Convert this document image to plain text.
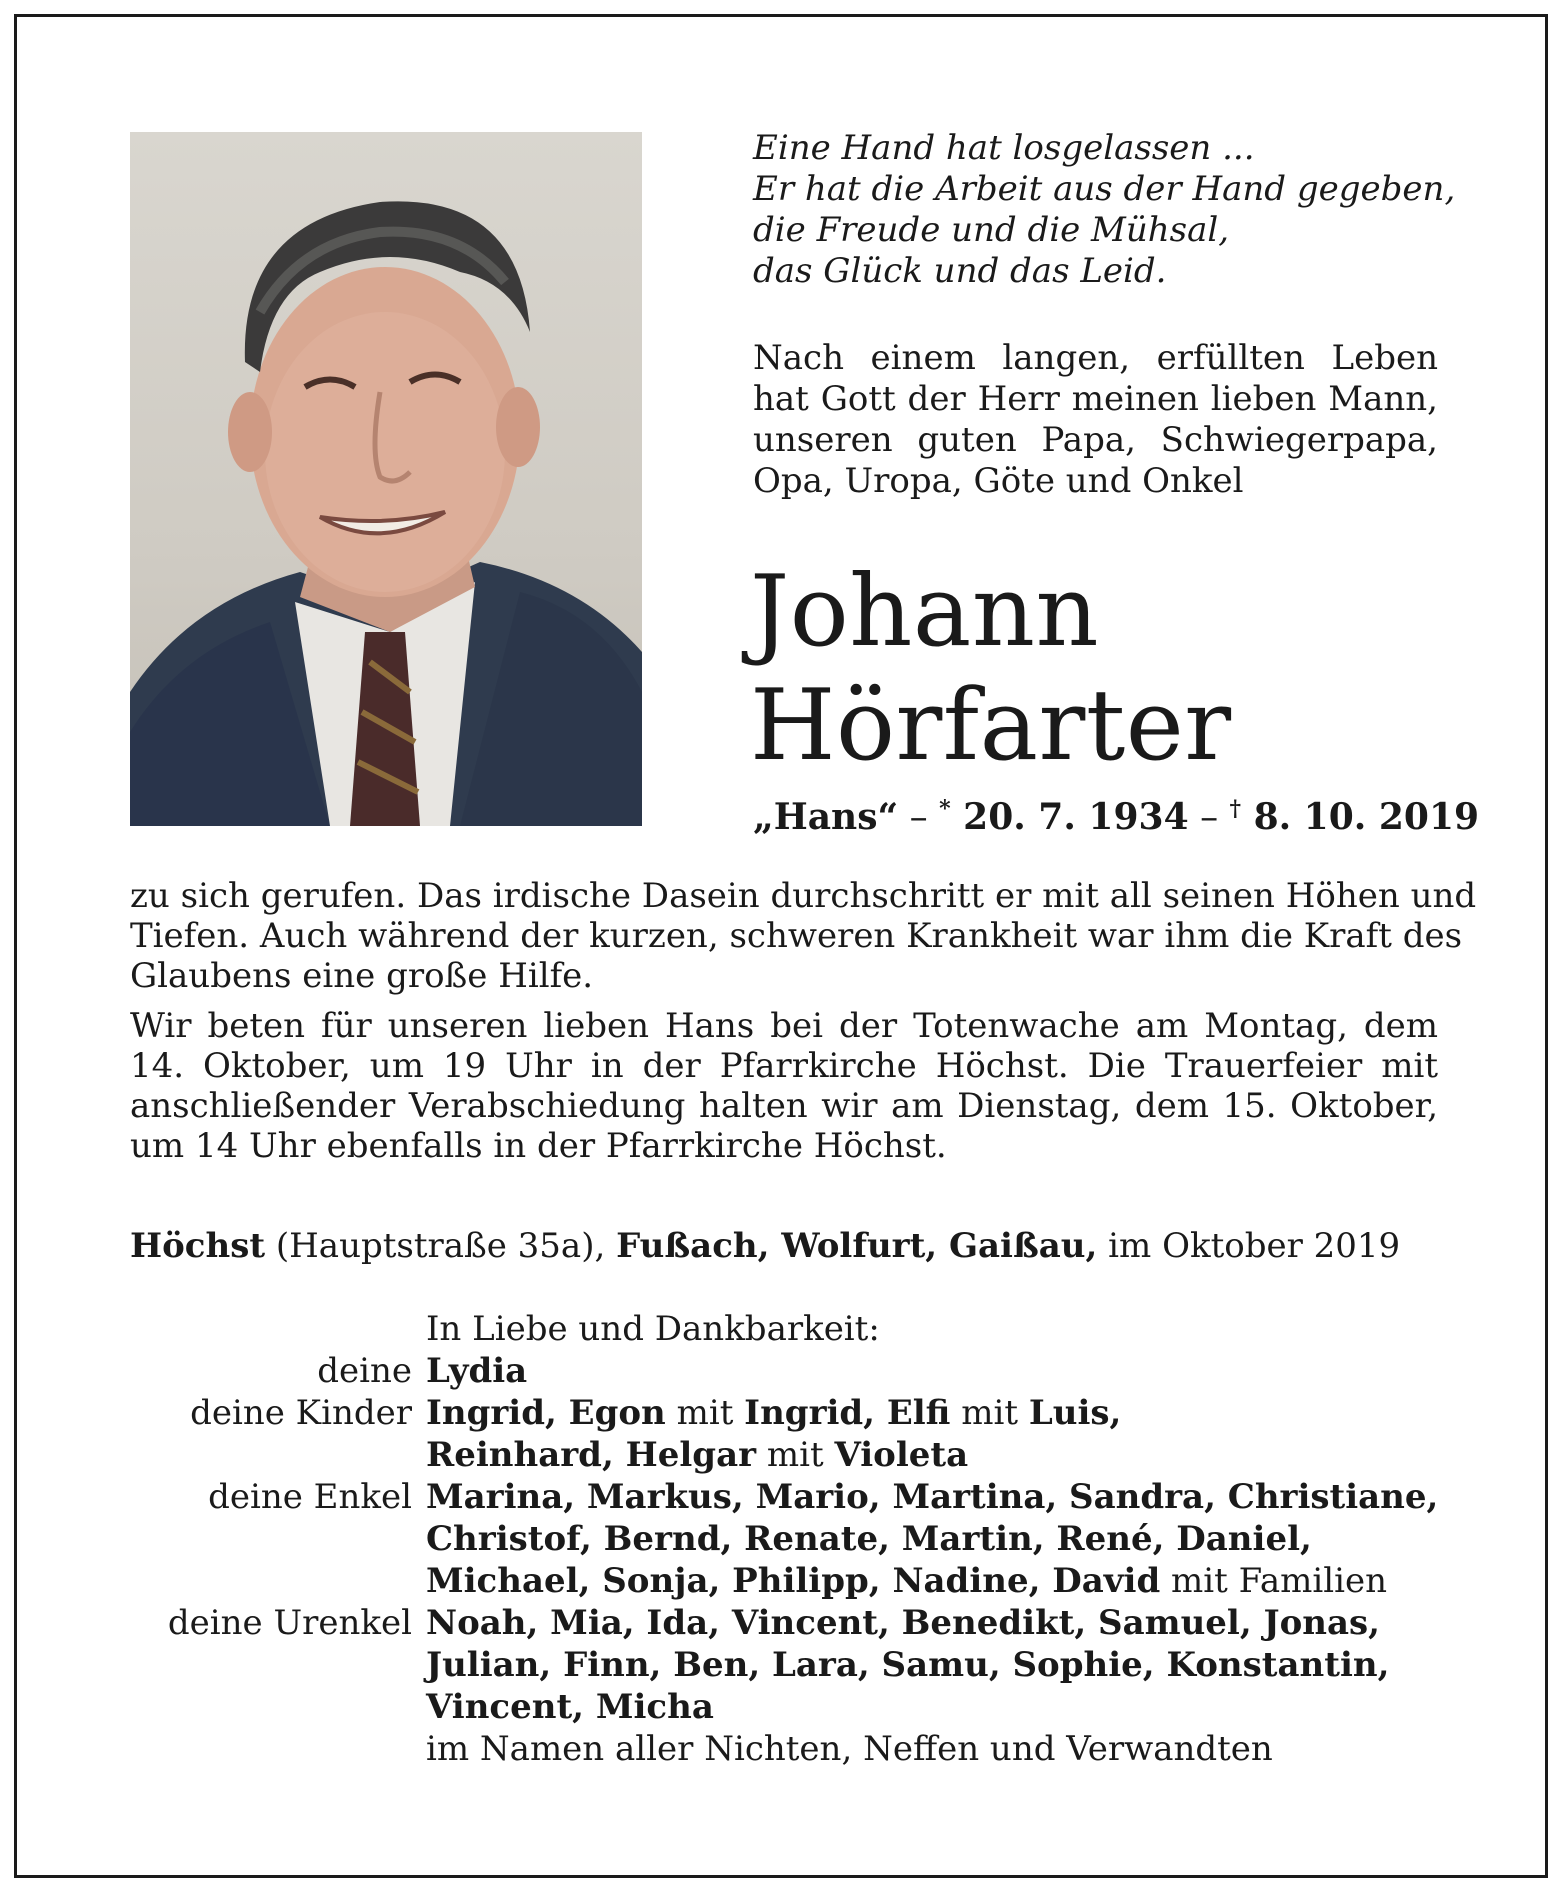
Eine Hand hat losgelassen ...
Er hat die Arbeit aus der Hand gegeben,
die Freude und die Mühsal,
das Glück und das Leid.
Nach einem langen, erfüllten Leben
hat Gott der Herr meinen lieben Mann,
unseren guten Papa, Schwiegerpapa,
Opa, Uropa, Göte und Onkel
Johann
Hörfarter
„Hans“ – * 20. 7. 1934 – † 8. 10. 2019

zu sich gerufen. Das irdische Dasein durchschritt er mit all seinen Höhen und
Tiefen. Auch während der kurzen, schweren Krankheit war ihm die Kraft des
Glaubens eine große Hilfe.

Wir beten für unseren lieben Hans bei der Totenwache am Montag, dem
14. Oktober, um 19 Uhr in der Pfarrkirche Höchst. Die Trauerfeier mit
anschließender Verabschiedung halten wir am Dienstag, dem 15. Oktober,
um 14 Uhr ebenfalls in der Pfarrkirche Höchst.

Höchst (Hauptstraße 35a), Fußach, Wolfurt, Gaißau, im Oktober 2019
In Liebe und Dankbarkeit:
deine Lydia
deine Kinder Ingrid, Egon mit Ingrid, Elfi mit Luis,
Reinhard, Helgar mit Violeta
deine Enkel Marina, Markus, Mario, Martina, Sandra, Christiane,
Christof, Bernd, Renate, Martin, René, Daniel,
Michael, Sonja, Philipp, Nadine, David mit Familien
deine Urenkel Noah, Mia, Ida, Vincent, Benedikt, Samuel, Jonas,
Julian, Finn, Ben, Lara, Samu, Sophie, Konstantin,
Vincent, Micha
im Namen aller Nichten, Neffen und Verwandten
